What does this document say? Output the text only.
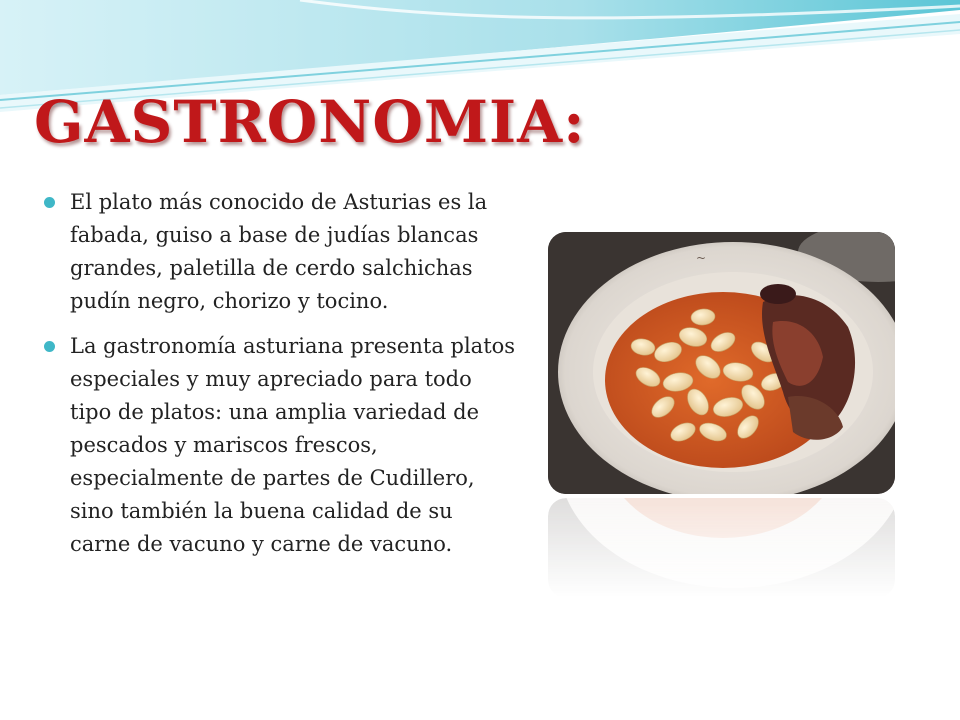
GASTRONOMIA:
El plato más conocido de Asturias es la fabada, guiso a base de judías blancas grandes, paletilla de cerdo salchichas pudín negro, chorizo y tocino.
La gastronomía asturiana presenta platos especiales y muy apreciado para todo tipo de platos: una amplia variedad de pescados y mariscos frescos, especialmente de partes de Cudillero, sino también la buena calidad de su carne de vacuno y carne de vacuno.
~
